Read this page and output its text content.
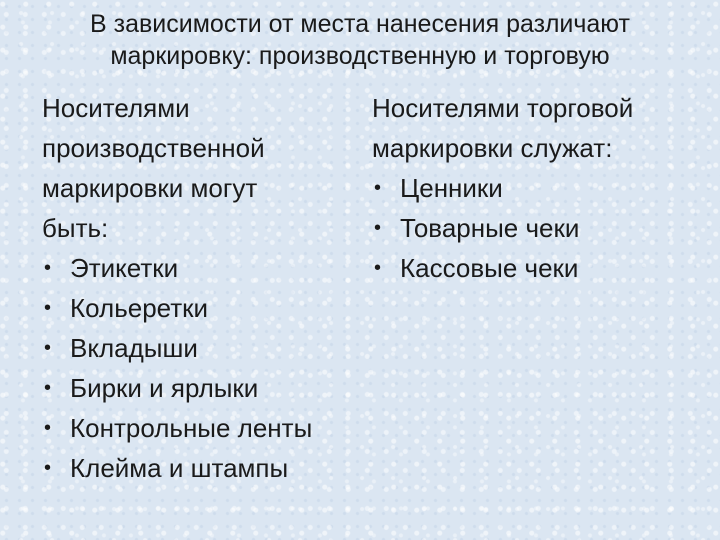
В зависимости от места нанесения различают
маркировку: производственную и торговую
Носителями
производственной
маркировки могут
быть:
• Этикетки
• Кольеретки
• Вкладыши
• Бирки и ярлыки
• Контрольные ленты
• Клейма и штампы
Носителями торговой
маркировки служат:
• Ценники
• Товарные чеки
• Кассовые чеки
